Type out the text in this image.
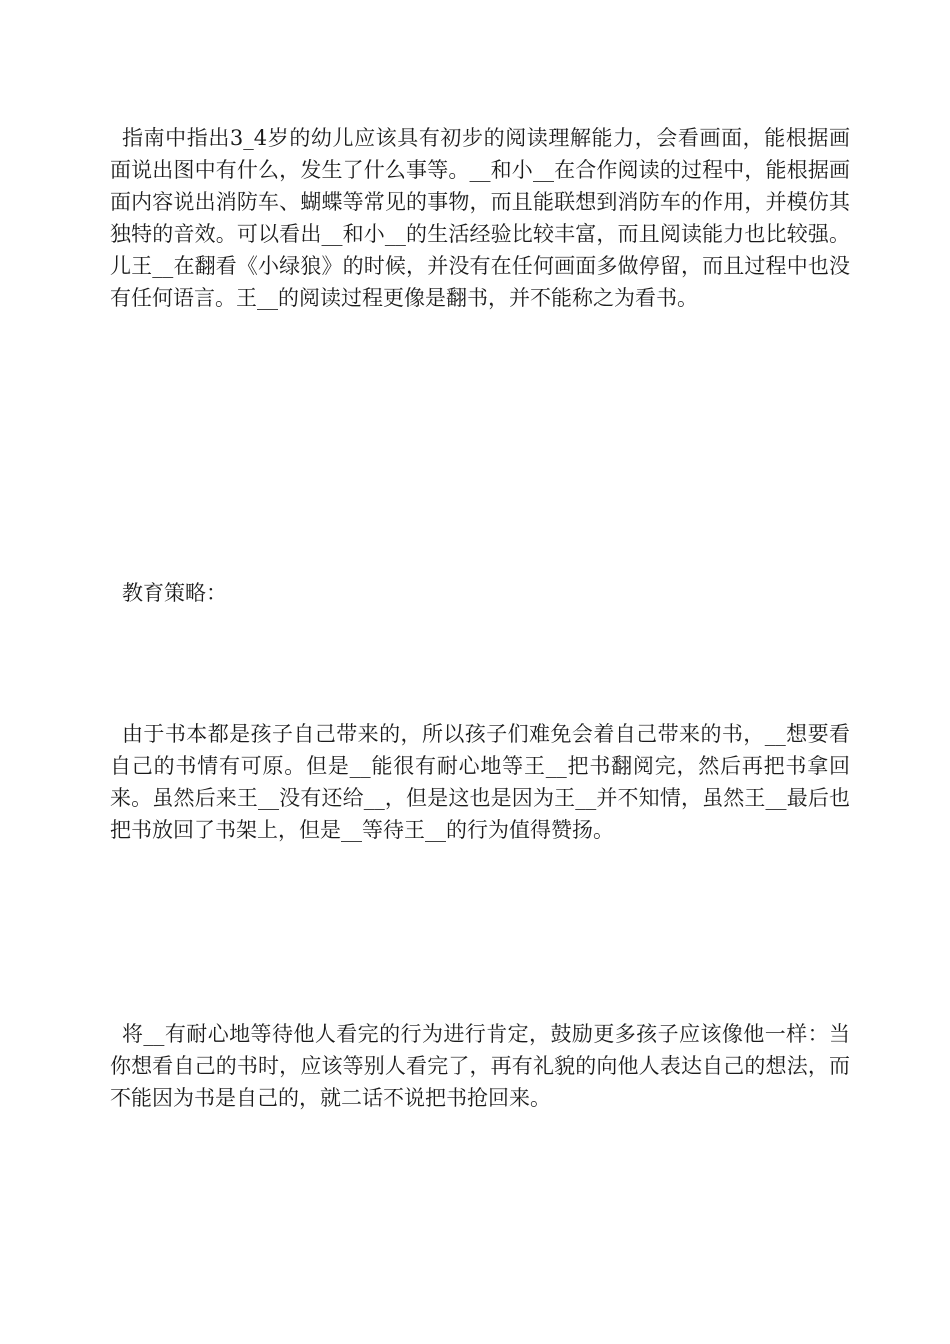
指南中指出3_4岁的幼儿应该具有初步的阅读理解能力，会看画面，能根据画面说出图中有什么，发生了什么事等。__和小__在合作阅读的过程中，能根据画面内容说出消防车、蝴蝶等常见的事物，而且能联想到消防车的作用，并模仿其独特的音效。可以看出__和小__的生活经验比较丰富，而且阅读能力也比较强。儿王__在翻看《小绿狼》的时候，并没有在任何画面多做停留，而且过程中也没有任何语言。王__的阅读过程更像是翻书，并不能称之为看书。

教育策略：

由于书本都是孩子自己带来的，所以孩子们难免会着自己带来的书，__想要看自己的书情有可原。但是__能很有耐心地等王__把书翻阅完，然后再把书拿回来。虽然后来王__没有还给__，但是这也是因为王__并不知情，虽然王__最后也把书放回了书架上，但是__等待王__的行为值得赞扬。

将__有耐心地等待他人看完的行为进行肯定，鼓励更多孩子应该像他一样：当你想看自己的书时，应该等别人看完了，再有礼貌的向他人表达自己的想法，而不能因为书是自己的，就二话不说把书抢回来。
